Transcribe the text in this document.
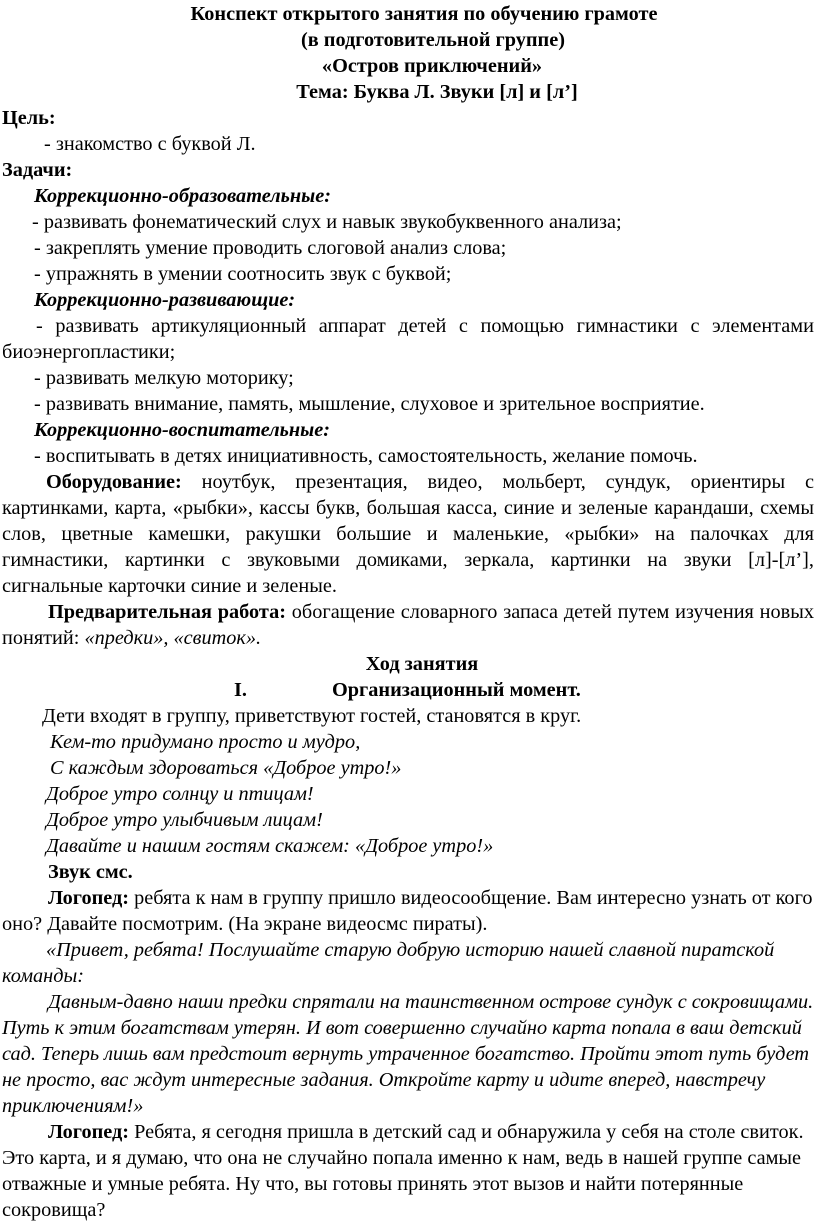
Конспект открытого занятия по обучению грамоте

(в подготовительной группе)

«Остров приключений»

Тема: Буква Л. Звуки [л] и [л’]

Цель:

- знакомство с буквой Л.

Задачи:

Коррекционно-образовательные:

- развивать фонематический слух и навык звукобуквенного анализа;

- закреплять умение проводить слоговой анализ слова;

- упражнять в умении соотносить звук с буквой;

Коррекционно-развивающие:

- развивать артикуляционный аппарат детей с помощью гимнастики с элементами биоэнергопластики;

- развивать мелкую моторику;

- развивать внимание, память, мышление, слуховое и зрительное восприятие.

Коррекционно-воспитательные:

- воспитывать в детях инициативность, самостоятельность, желание помочь.

Оборудование: ноутбук, презентация, видео, мольберт, сундук, ориентиры с картинками, карта, «рыбки», кассы букв, большая касса, синие и зеленые карандаши, схемы слов, цветные камешки, ракушки большие и маленькие, «рыбки» на палочках для гимнастики, картинки с звуковыми домиками, зеркала, картинки на звуки [л]-[л’], сигнальные карточки синие и зеленые.

Предварительная работа: обогащение словарного запаса детей путем изучения новых понятий: «предки», «свиток».

Ход занятия

I.	Организационный момент.

Дети входят в группу, приветствуют гостей, становятся в круг.

Кем-то придумано просто и мудро,

С каждым здороваться «Доброе утро!»

Доброе утро солнцу и птицам!

Доброе утро улыбчивым лицам!

Давайте и нашим гостям скажем: «Доброе утро!»

Звук смс.

Логопед: ребята к нам в группу пришло видеосообщение. Вам интересно узнать от кого оно? Давайте посмотрим. (На экране видеосмс пираты).

«Привет, ребята! Послушайте старую добрую историю нашей славной пиратской команды:

Давным-давно наши предки спрятали на таинственном острове сундук с сокровищами. Путь к этим богатствам утерян. И вот совершенно случайно карта попала в ваш детский сад. Теперь лишь вам предстоит вернуть утраченное богатство. Пройти этот путь будет не просто, вас ждут интересные задания. Откройте карту и идите вперед, навстречу приключениям!»

Логопед: Ребята, я сегодня пришла в детский сад и обнаружила у себя на столе свиток. Это карта, и я думаю, что она не случайно попала именно к нам, ведь в нашей группе самые отважные и умные ребята. Ну что, вы готовы принять этот вызов и найти потерянные сокровища?
